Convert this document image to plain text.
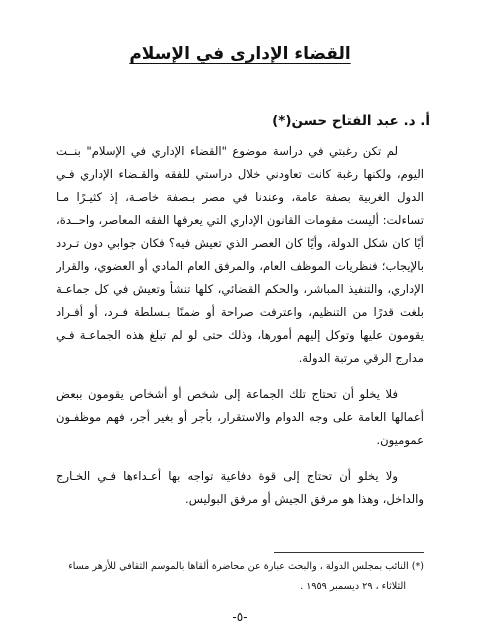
القضاء الإدارى في الإسلام
أ. د. عبد الفتاح حسن(*)
لم تكن رغبتي في دراسة موضوع "القضاء الإداري في الإسلام" بنــت
اليوم، ولكنها رغبة كانت تعاودني خلال دراستي للفقه والقـضاء الإداري فـي
الدول الغربية بصفة عامة، وعندنا في مصر بـصفة خاصـة، إذ كثيـرًا مـا
تساءلت: أليست مقومات القانون الإداري التي يعرفها الفقه المعاصر، واحــدة،
أيًا كان شكل الدولة، وأيًا كان العصر الذي تعيش فيه؟ فكان جوابي دون تـردد
بالإيجاب؛ فنظريات الموظف العام، والمرفق العام المادي أو العضوي، والقرار
الإداري، والتنفيذ المباشر، والحكم القضائي، كلها تنشأ وتعيش في كل جماعـة
بلغت قدرًا من التنظيم، واعترفت صراحة أو ضمنًا بـسلطة فـرد، أو أفـراد
يقومون عليها وتوكل إليهم أمورها، وذلك حتى لو لم تبلغ هذه الجماعـة فـي
مدارج الرقي مرتبة الدولة.
فلا يخلو أن تحتاج تلك الجماعة إلى شخص أو أشخاص يقومون ببعض
أعمالها العامة على وجه الدوام والاستقرار، بأجر أو بغير أجر، فهم موظفـون
عموميون.
ولا يخلو أن تحتاج إلى قوة دفاعية تواجه بها أعـداءها فـي الخـارج
والداخل، وهذا هو مرفق الجيش أو مرفق البوليس.
(*) النائب بمجلس الدولة ، والبحث عبارة عن محاضرة ألقاها بالموسم الثقافي للأزهر مساء
الثلاثاء ، ٢٩ ديسمبر ١٩٥٩ .
-٥-
